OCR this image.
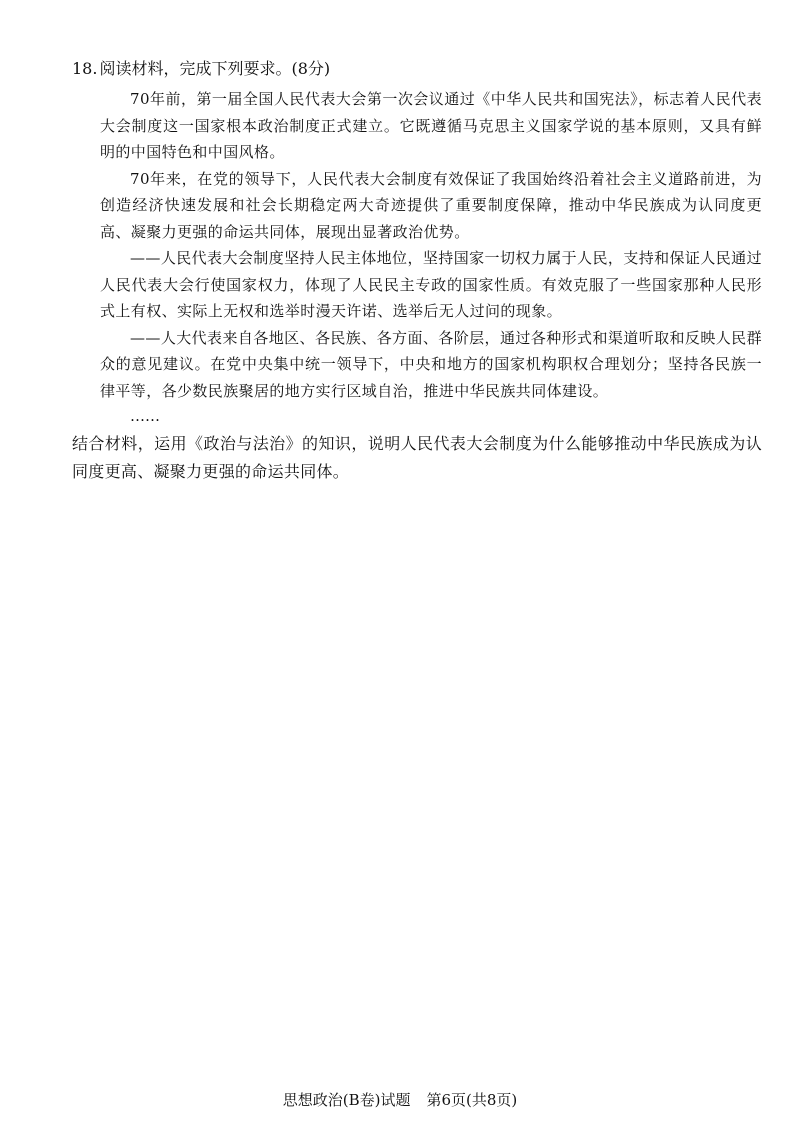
18. 阅读材料，完成下列要求。(8分)

70年前，第一届全国人民代表大会第一次会议通过《中华人民共和国宪法》，标志着人民代表大会制度这一国家根本政治制度正式建立。它既遵循马克思主义国家学说的基本原则，又具有鲜明的中国特色和中国风格。

70年来，在党的领导下，人民代表大会制度有效保证了我国始终沿着社会主义道路前进，为创造经济快速发展和社会长期稳定两大奇迹提供了重要制度保障，推动中华民族成为认同度更高、凝聚力更强的命运共同体，展现出显著政治优势。

——人民代表大会制度坚持人民主体地位，坚持国家一切权力属于人民，支持和保证人民通过人民代表大会行使国家权力，体现了人民民主专政的国家性质。有效克服了一些国家那种人民形式上有权、实际上无权和选举时漫天许诺、选举后无人过问的现象。

——人大代表来自各地区、各民族、各方面、各阶层，通过各种形式和渠道听取和反映人民群众的意见建议。在党中央集中统一领导下，中央和地方的国家机构职权合理划分；坚持各民族一律平等，各少数民族聚居的地方实行区域自治，推进中华民族共同体建设。

……

结合材料，运用《政治与法治》的知识，说明人民代表大会制度为什么能够推动中华民族成为认同度更高、凝聚力更强的命运共同体。

思想政治(B卷)试题 第6页(共8页)
